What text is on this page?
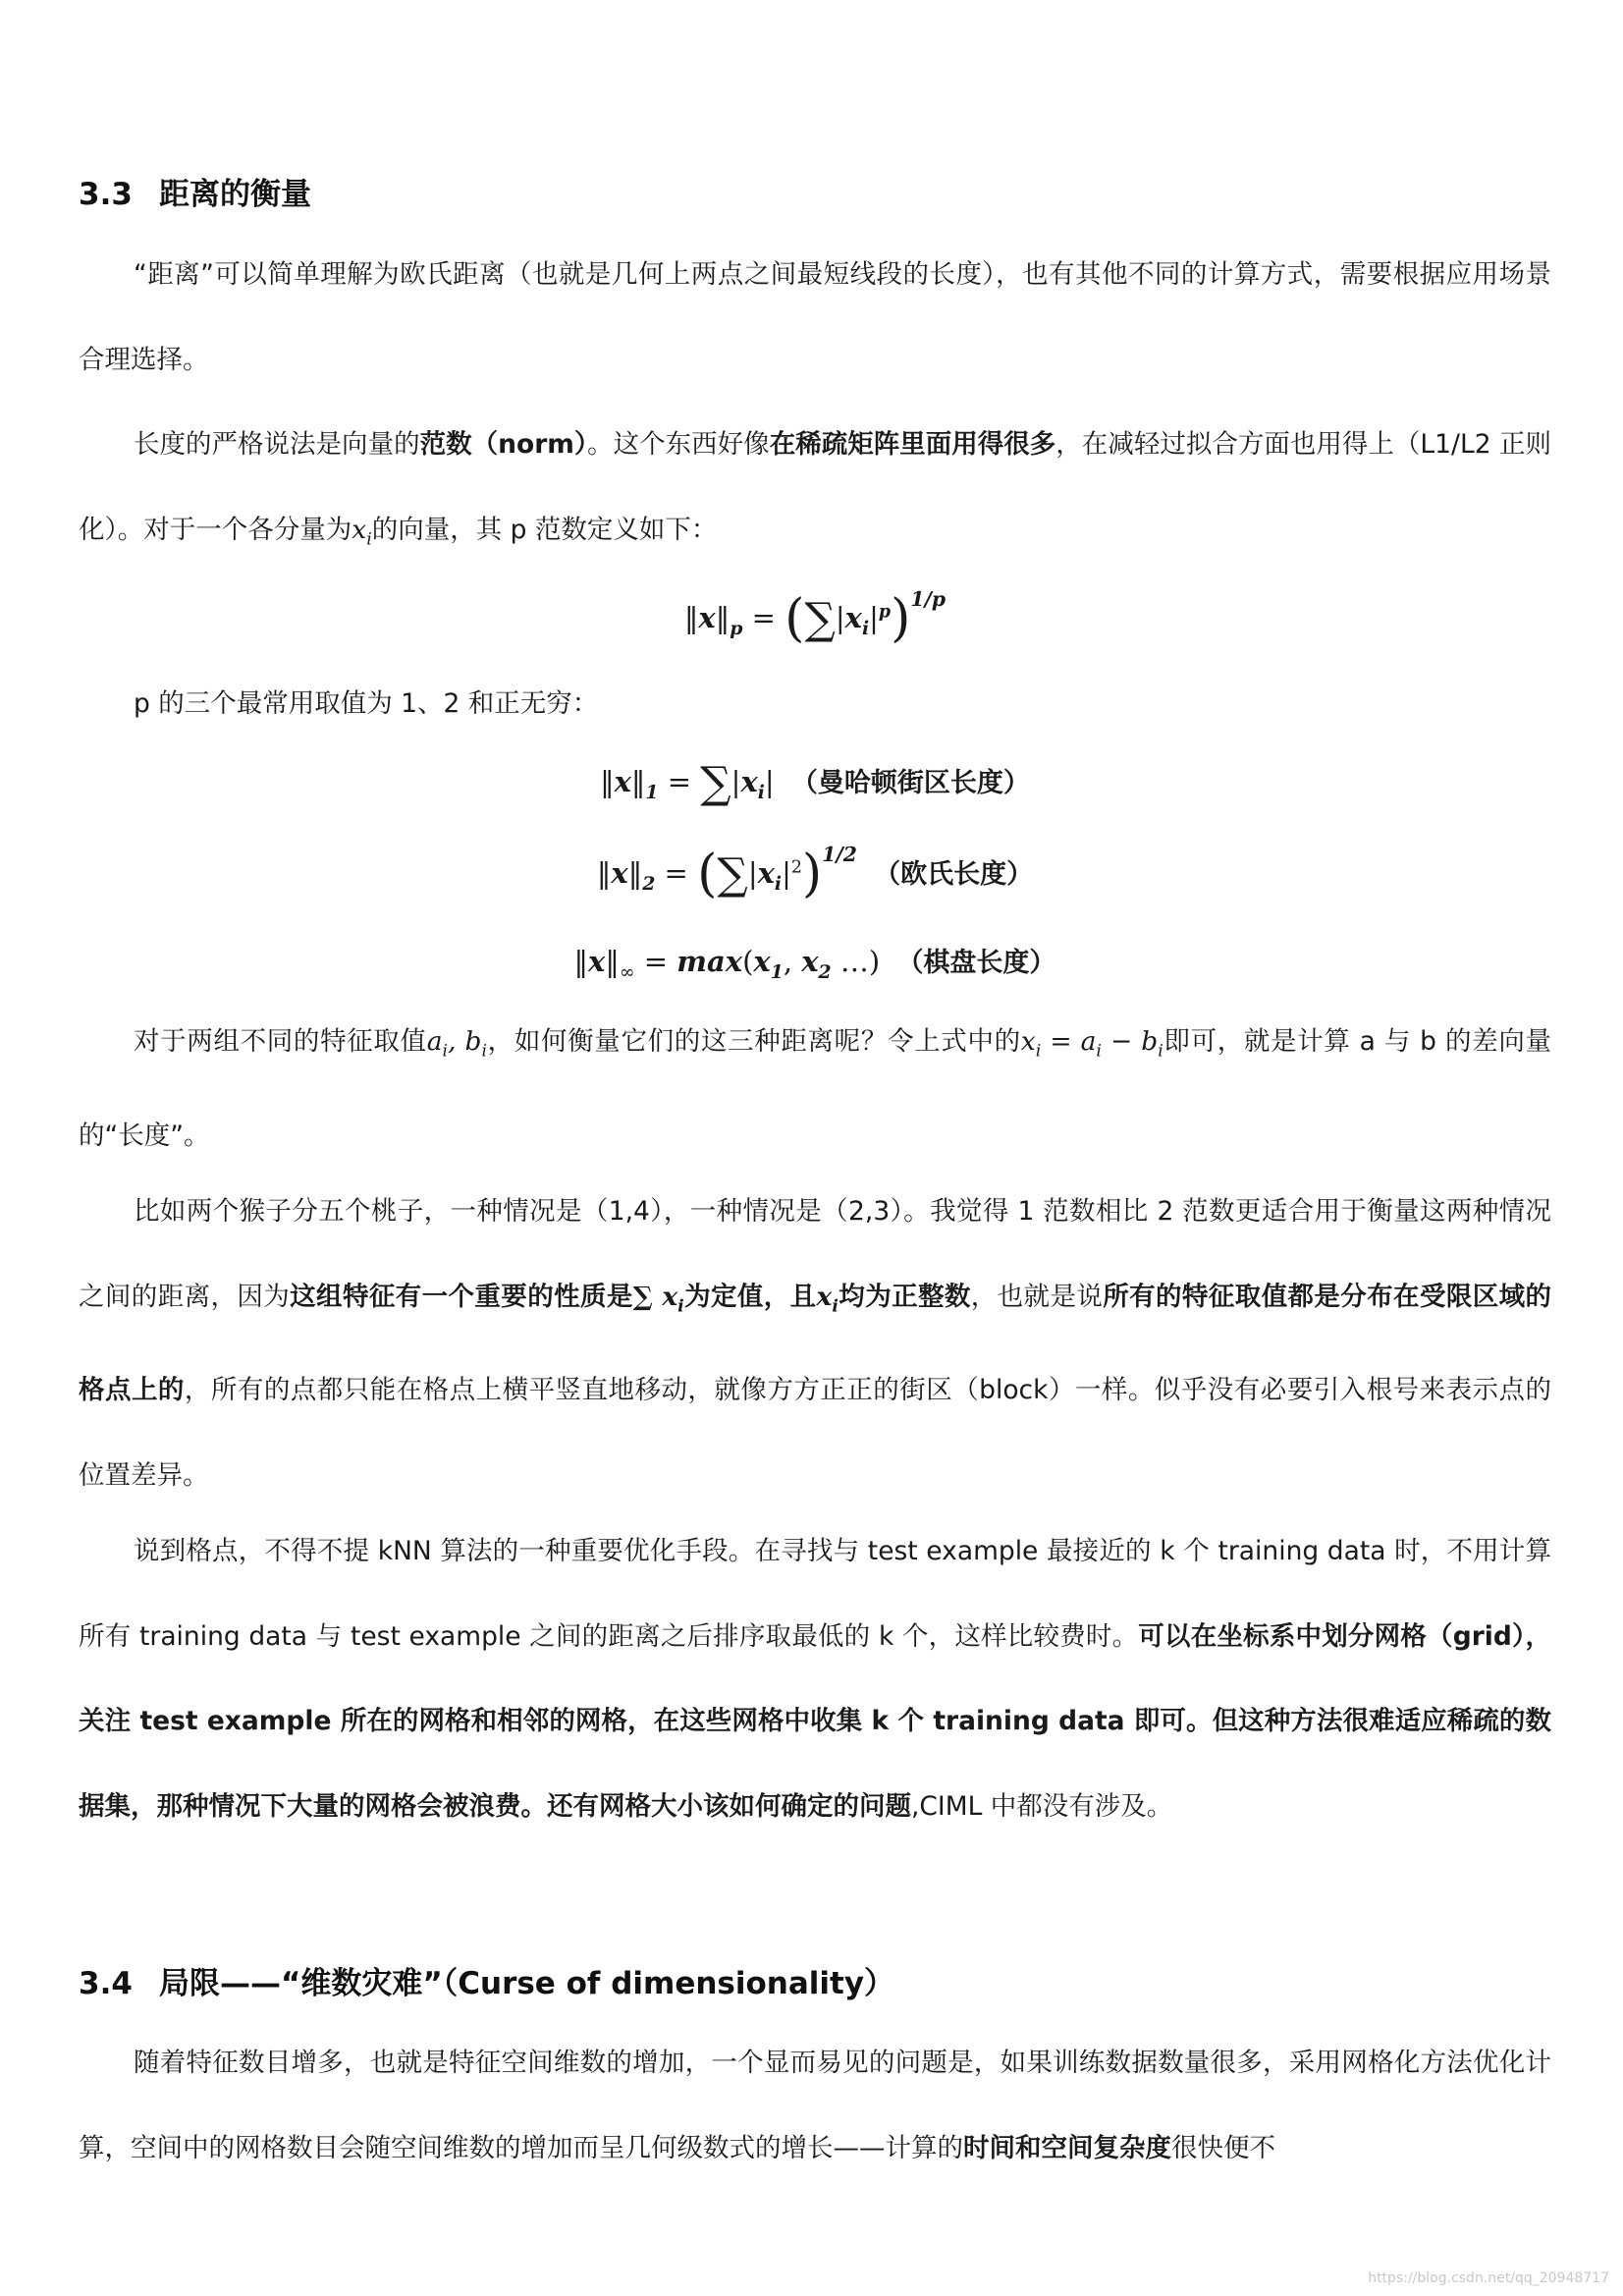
3.3 距离的衡量

“距离”可以简单理解为欧氏距离（也就是几何上两点之间最短线段的长度），也有其他不同的计算方式，需要根据应用场景合理选择。

长度的严格说法是向量的范数（norm）。这个东西好像在稀疏矩阵里面用得很多，在减轻过拟合方面也用得上（L1/L2 正则化）。对于一个各分量为$x_i$的向量，其 p 范数定义如下：

$‖x‖_p = (\sum|x_i|^p)^{1/p}$

p 的三个最常用取值为 1、2 和正无穷：

$‖x‖_1 = \sum|x_i|$ （曼哈顿街区长度）
$‖x‖_2 = (\sum|x_i|^2)^{1/2}$ （欧氏长度）
$‖x‖_\infty = \max(x_1$, $x_2$ …) （棋盘长度）

对于两组不同的特征取值$a_i$, $b_i$，如何衡量它们的这三种距离呢？令上式中的$x_i = a_i - b_i$即可，就是计算 a 与 b 的差向量的“长度”。

比如两个猴子分五个桃子，一种情况是（1,4），一种情况是（2,3）。我觉得 1 范数相比 2 范数更适合用于衡量这两种情况之间的距离，因为这组特征有一个重要的性质是∑ $x_i$为定值，且$x_i$均为正整数，也就是说所有的特征取值都是分布在受限区域的格点上的，所有的点都只能在格点上横平竖直地移动，就像方方正正的街区（block）一样。似乎没有必要引入根号来表示点的位置差异。

说到格点，不得不提 kNN 算法的一种重要优化手段。在寻找与 test example 最接近的 k 个 training data 时，不用计算所有 training data 与 test example 之间的距离之后排序取最低的 k 个，这样比较费时。可以在坐标系中划分网格（grid），关注 test example 所在的网格和相邻的网格，在这些网格中收集 k 个 training data 即可。但这种方法很难适应稀疏的数据集，那种情况下大量的网格会被浪费。还有网格大小该如何确定的问题,CIML 中都没有涉及。

3.4 局限——“维数灾难”（Curse of dimensionality）

随着特征数目增多，也就是特征空间维数的增加，一个显而易见的问题是，如果训练数据数量很多，采用网格化方法优化计算，空间中的网格数目会随空间维数的增加而呈几何级数式的增长——计算的时间和空间复杂度很快便不

https://blog.csdn.net/qq_20948717
